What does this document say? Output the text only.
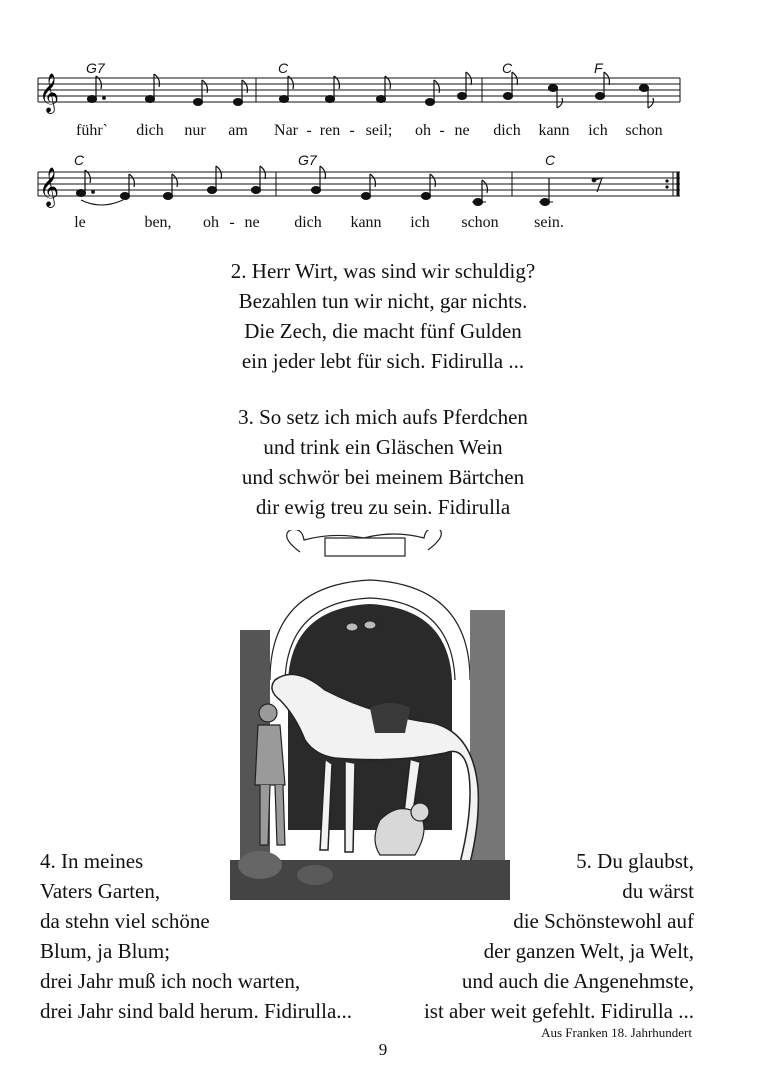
𝄞
G7	C	C	F
führ` dich nur am Nar - ren - seil; oh - ne dich kann ich schon
𝄞
C	G7	C
le	ben, oh - ne dich kann ich schon sein.
2. Herr Wirt, was sind wir schuldig?
Bezahlen tun wir nicht, gar nichts.
Die Zech, die macht fünf Gulden
ein jeder lebt für sich. Fidirulla ...
3. So setz ich mich aufs Pferdchen
und trink ein Gläschen Wein
und schwör bei meinem Bärtchen
dir ewig treu zu sein. Fidirulla
4. In meines
Vaters Garten,
da stehn viel schöne
Blum, ja Blum;
drei Jahr muß ich noch warten,
drei Jahr sind bald herum. Fidirulla...
5. Du glaubst,
du wärst
die Schönstewohl auf
der ganzen Welt, ja Welt,
und auch die Angenehmste,
ist aber weit gefehlt. Fidirulla ...
Aus Franken 18. Jahrhundert
9
